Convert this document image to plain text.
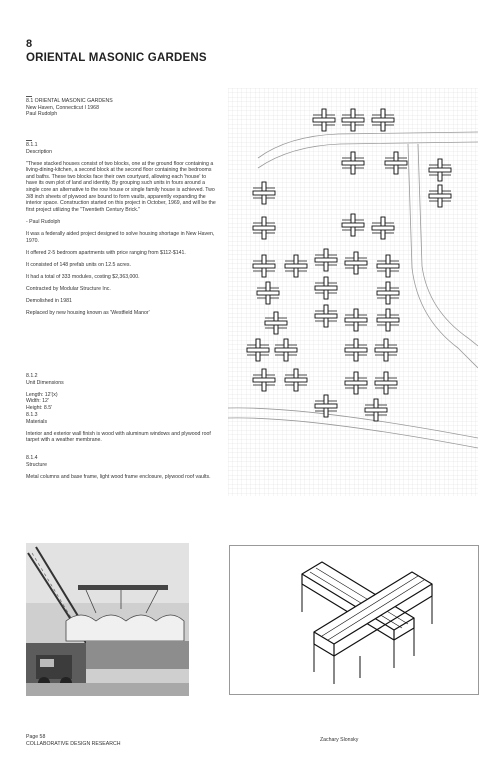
8
ORIENTAL MASONIC GARDENS
8.1 ORIENTAL MASONIC GARDENS
New Haven, Connecticut I 1968
Paul Rudolph
8.1.1

Description

"These stacked houses consist of two blocks, one at the ground floor containing a living-dining-kitchen, a second block at the second floor containing the bedrooms and baths. These two blocks face their own courtyard, allowing each 'house' to have its own plot of land and identity. By grouping such units in fours around a single core an alternative to the row house or single family house is achieved. Two 3/8 inch sheets of plywood are bound to form vaults, apparently expanding the interior space. Construction started on this project in October, 1969, and will be the first project utilizing the "Twentieth Century Brick."

- Paul Rudolph

It was a federally aided project designed to solve housing shortage in New Haven, 1970.

It offered 2-5 bedroom apartments with price ranging from $112-$141.

It consisted of 148 prefab units on 12.5 acres.

It had a total of 333 modules, costing $2,363,000.

Contracted by Modular Structure Inc.

Demolished in 1981

Replaced by new housing known as 'Westfield Manor'

8.1.2

Unit Dimensions

Length: 12'(x)
Width: 12'
Height: 8.5'
8.1.3

Materials

Interior and exterior wall finish is wood with aluminum windows and plywood roof tarpet with a weather membrane.

8.1.4

Structure

Metal columns and base frame, light wood frame enclosure, plywood roof vaults.

Page 58
COLLABORATIVE DESIGN RESEARCH
Zachary Slonsky
